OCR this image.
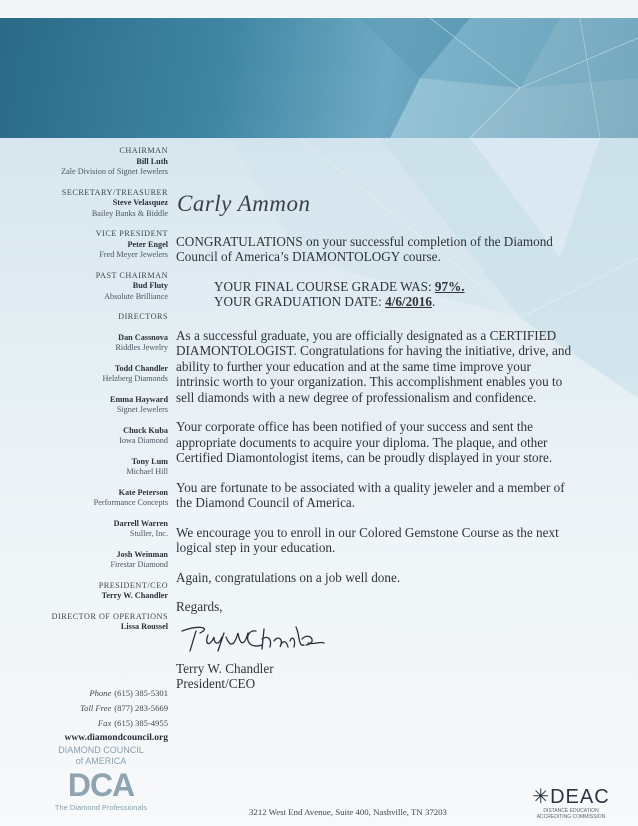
CHAIRMAN
Bill Luth
Zale Division of Signet Jewelers
SECRETARY/TREASURER
Steve Velasquez
Bailey Banks & Biddle
VICE PRESIDENT
Peter Engel
Fred Meyer Jewelers
PAST CHAIRMAN
Bud Fluty
Absolute Brilliance
DIRECTORS
Dan Cassnova
Riddles Jewelry
Todd Chandler
Helzberg Diamonds
Emma Hayward
Signet Jewelers
Chuck Kuba
Iowa Diamond
Tony Lum
Michael Hill
Kate Peterson
Performance Concepts
Darrell Warren
Stuller, Inc.
Josh Weinman
Firestar Diamond
PRESIDENT/CEO
Terry W. Chandler
DIRECTOR OF OPERATIONS
Lissa Roussel
Phone (615) 385-5301
Toll Free (877) 283-5669
Fax (615) 385-4955
www.diamondcouncil.org
DIAMOND COUNCIL
of AMERICA
DCA
The Diamond Professionals
Carly Ammon

CONGRATULATIONS on your successful completion of the Diamond Council of America’s DIAMONTOLOGY course.

YOUR FINAL COURSE GRADE WAS: 97%.
YOUR GRADUATION DATE: 4/6/2016.

As a successful graduate, you are officially designated as a CERTIFIED DIAMONTOLOGIST. Congratulations for having the initiative, drive, and ability to further your education and at the same time improve your intrinsic worth to your organization. This accomplishment enables you to sell diamonds with a new degree of professionalism and confidence.

Your corporate office has been notified of your success and sent the appropriate documents to acquire your diploma. The plaque, and other Certified Diamontologist items, can be proudly displayed in your store.

You are fortunate to be associated with a quality jeweler and a member of the Diamond Council of America.

We encourage you to enroll in our Colored Gemstone Course as the next logical step in your education.

Again, congratulations on a job well done.

Regards,
Terry W. Chandler
President/CEO
3212 West End Avenue, Suite 400, Nashville, TN 37203
✳DEAC
DISTANCE EDUCATION ACCREDITING COMMISSION
